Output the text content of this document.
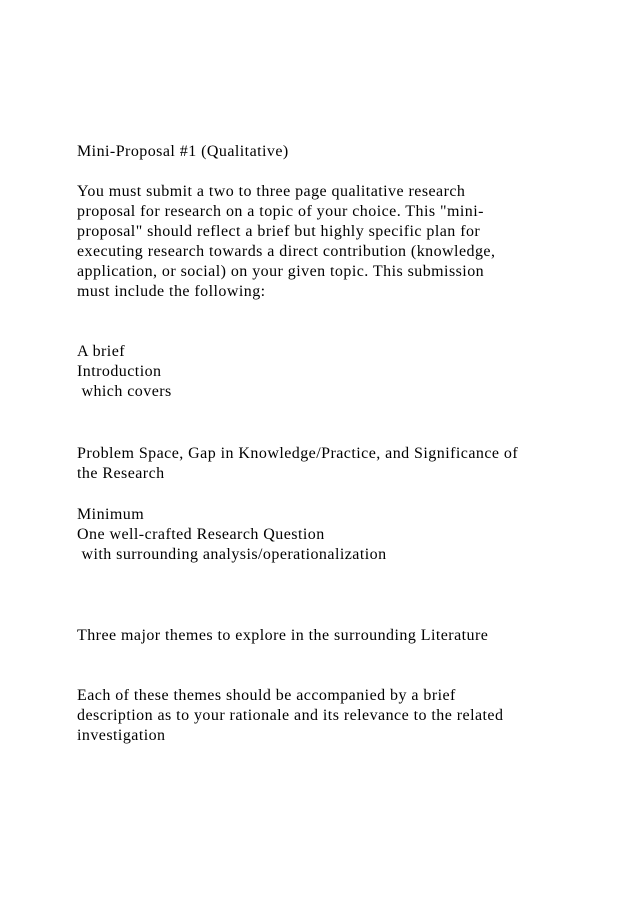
Mini-Proposal #1 (Qualitative)
You must submit a two to three page qualitative research
proposal for research on a topic of your choice. This "mini-
proposal" should reflect a brief but highly specific plan for
executing research towards a direct contribution (knowledge,
application, or social) on your given topic. This submission
must include the following:
A brief
Introduction
which covers
Problem Space, Gap in Knowledge/Practice, and Significance of
the Research
Minimum
One well-crafted Research Question
with surrounding analysis/operationalization
Three major themes to explore in the surrounding Literature
Each of these themes should be accompanied by a brief
description as to your rationale and its relevance to the related
investigation
